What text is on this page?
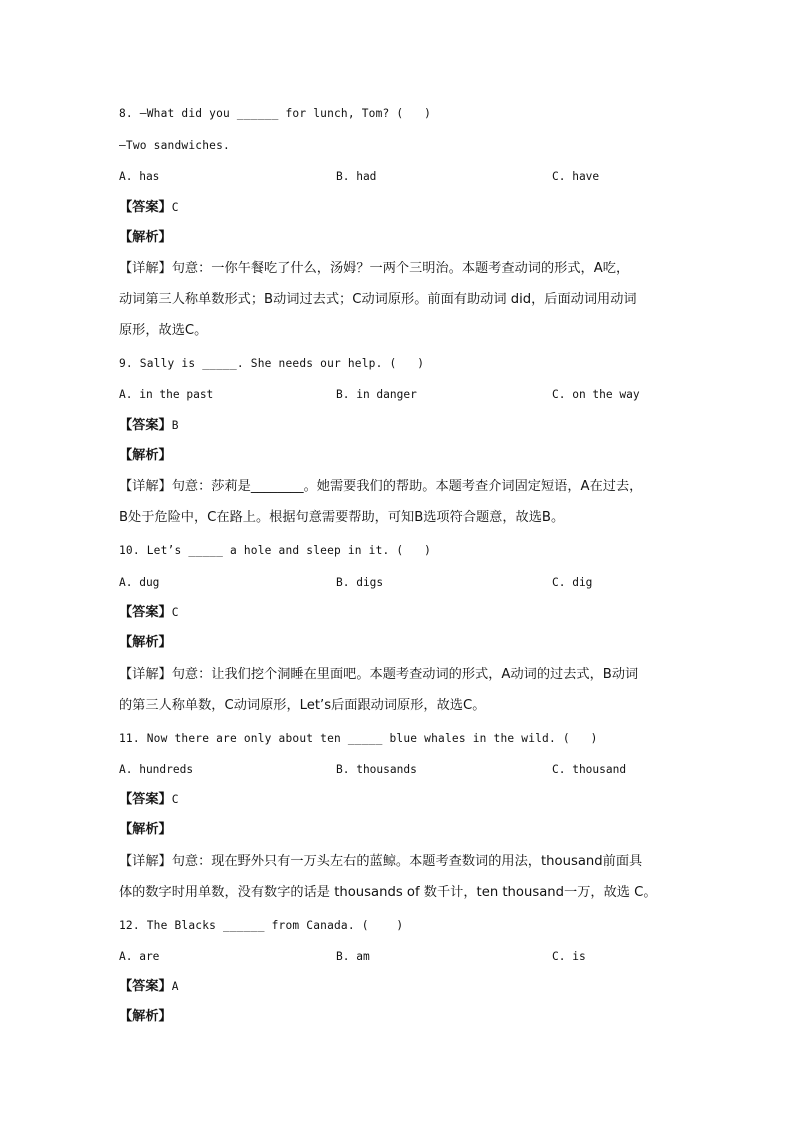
8. —What did you ______ for lunch, Tom? (   )
—Two sandwiches.
A. has	B. had	C. have
【答案】C
【解析】
【详解】句意：一你午餐吃了什么，汤姆？一两个三明治。本题考查动词的形式，A吃，
动词第三人称单数形式；B动词过去式；C动词原形。前面有助动词 did，后面动词用动词
原形，故选C。
9. Sally is _____. She needs our help. (   )
A. in the past	B. in danger	C. on the way
【答案】B
【解析】
【详解】句意：莎莉是________。她需要我们的帮助。本题考查介词固定短语，A在过去，
B处于危险中，C在路上。根据句意需要帮助，可知B选项符合题意，故选B。
10. Let’s _____ a hole and sleep in it. (   )
A. dug	B. digs	C. dig
【答案】C
【解析】
【详解】句意：让我们挖个洞睡在里面吧。本题考查动词的形式，A动词的过去式，B动词
的第三人称单数，C动词原形，Let’s后面跟动词原形，故选C。
11. Now there are only about ten _____ blue whales in the wild. (   )
A. hundreds	B. thousands	C. thousand
【答案】C
【解析】
【详解】句意：现在野外只有一万头左右的蓝鲸。本题考查数词的用法，thousand前面具
体的数字时用单数，没有数字的话是 thousands of 数千计，ten thousand一万，故选 C。
12. The Blacks ______ from Canada. (    )
A. are	B. am	C. is
【答案】A
【解析】
